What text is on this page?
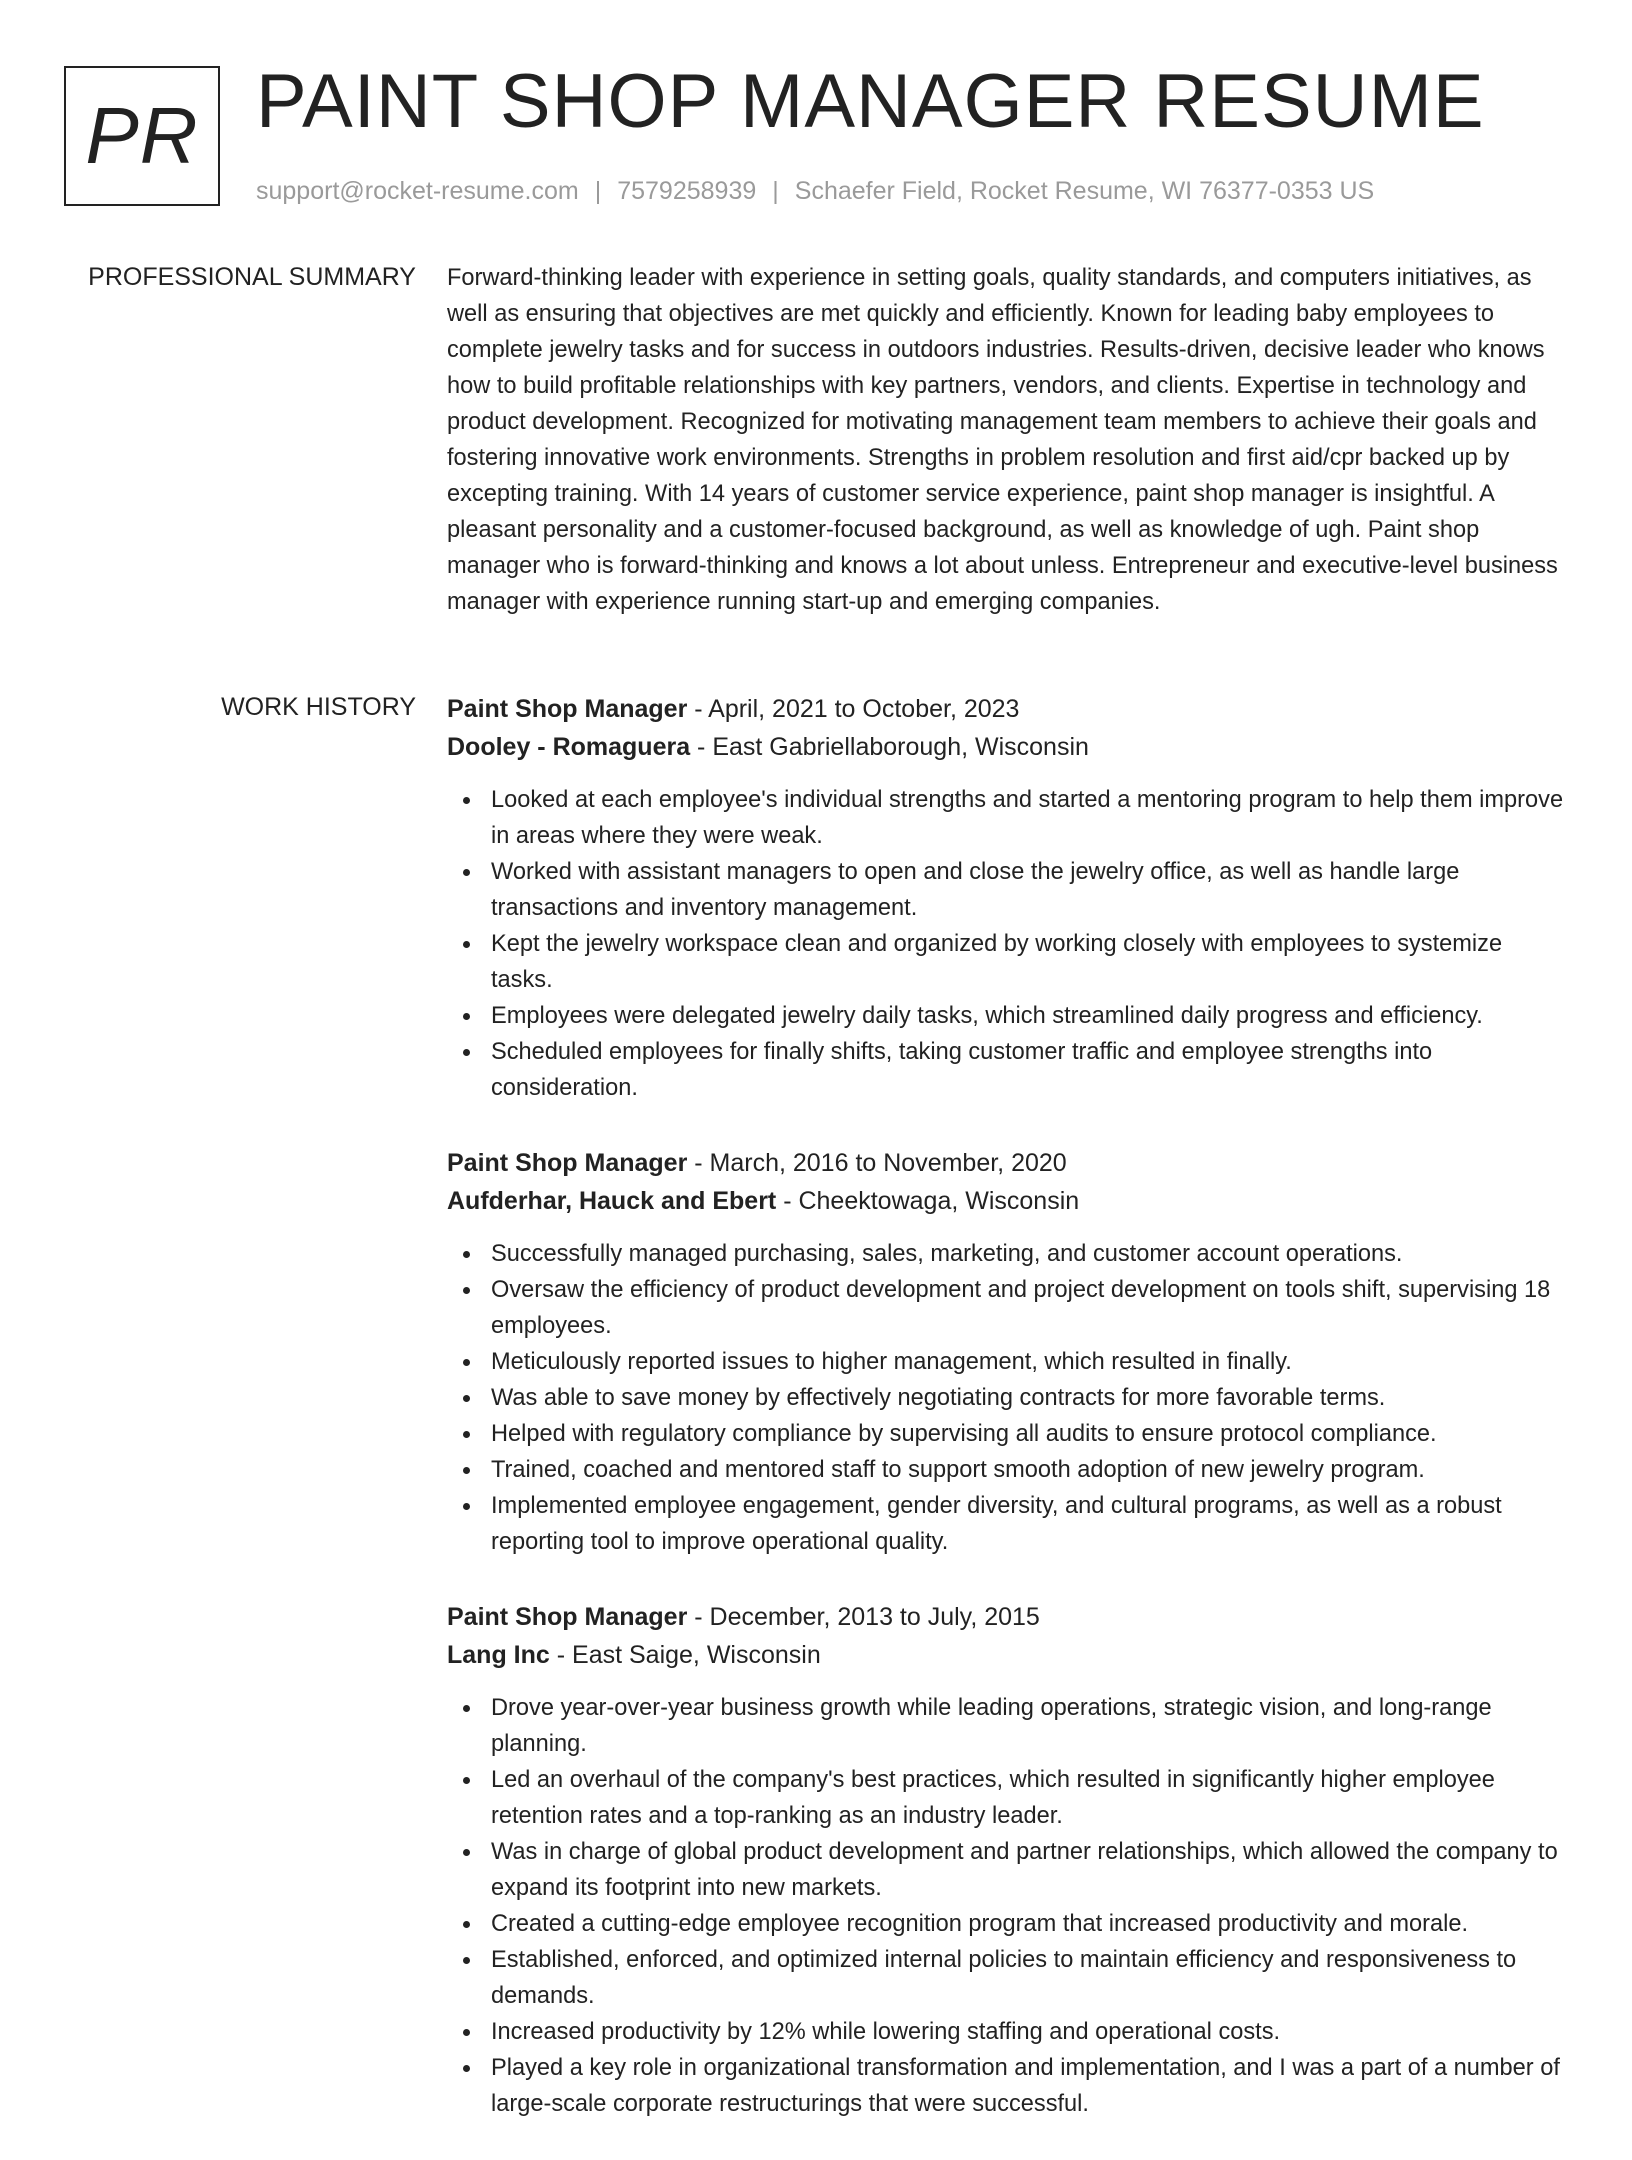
PR PAINT SHOP MANAGER RESUME
support@rocket-resume.com | 7579258939 | Schaefer Field, Rocket Resume, WI 76377-0353 US
PROFESSIONAL SUMMARY Forward-thinking leader with experience in setting goals, quality standards, and computers initiatives, as well as ensuring that objectives are met quickly and efficiently. Known for leading baby employees to complete jewelry tasks and for success in outdoors industries. Results-driven, decisive leader who knows how to build profitable relationships with key partners, vendors, and clients. Expertise in technology and product development. Recognized for motivating management team members to achieve their goals and fostering innovative work environments. Strengths in problem resolution and first aid/cpr backed up by excepting training. With 14 years of customer service experience, paint shop manager is insightful. A pleasant personality and a customer-focused background, as well as knowledge of ugh. Paint shop manager who is forward-thinking and knows a lot about unless. Entrepreneur and executive-level business manager with experience running start-up and emerging companies.

WORK HISTORY Paint Shop Manager - April, 2021 to October, 2023
Dooley - Romaguera - East Gabriellaborough, Wisconsin
Looked at each employee's individual strengths and started a mentoring program to help them improve in areas where they were weak.
Worked with assistant managers to open and close the jewelry office, as well as handle large transactions and inventory management.
Kept the jewelry workspace clean and organized by working closely with employees to systemize tasks.
Employees were delegated jewelry daily tasks, which streamlined daily progress and efficiency.
Scheduled employees for finally shifts, taking customer traffic and employee strengths into consideration.
Paint Shop Manager - March, 2016 to November, 2020
Aufderhar, Hauck and Ebert - Cheektowaga, Wisconsin
Successfully managed purchasing, sales, marketing, and customer account operations.
Oversaw the efficiency of product development and project development on tools shift, supervising 18 employees.
Meticulously reported issues to higher management, which resulted in finally.
Was able to save money by effectively negotiating contracts for more favorable terms.
Helped with regulatory compliance by supervising all audits to ensure protocol compliance.
Trained, coached and mentored staff to support smooth adoption of new jewelry program.
Implemented employee engagement, gender diversity, and cultural programs, as well as a robust reporting tool to improve operational quality.
Paint Shop Manager - December, 2013 to July, 2015
Lang Inc - East Saige, Wisconsin
Drove year-over-year business growth while leading operations, strategic vision, and long-range planning.
Led an overhaul of the company's best practices, which resulted in significantly higher employee retention rates and a top-ranking as an industry leader.
Was in charge of global product development and partner relationships, which allowed the company to expand its footprint into new markets.
Created a cutting-edge employee recognition program that increased productivity and morale.
Established, enforced, and optimized internal policies to maintain efficiency and responsiveness to demands.
Increased productivity by 12% while lowering staffing and operational costs.
Played a key role in organizational transformation and implementation, and I was a part of a number of large-scale corporate restructurings that were successful.
